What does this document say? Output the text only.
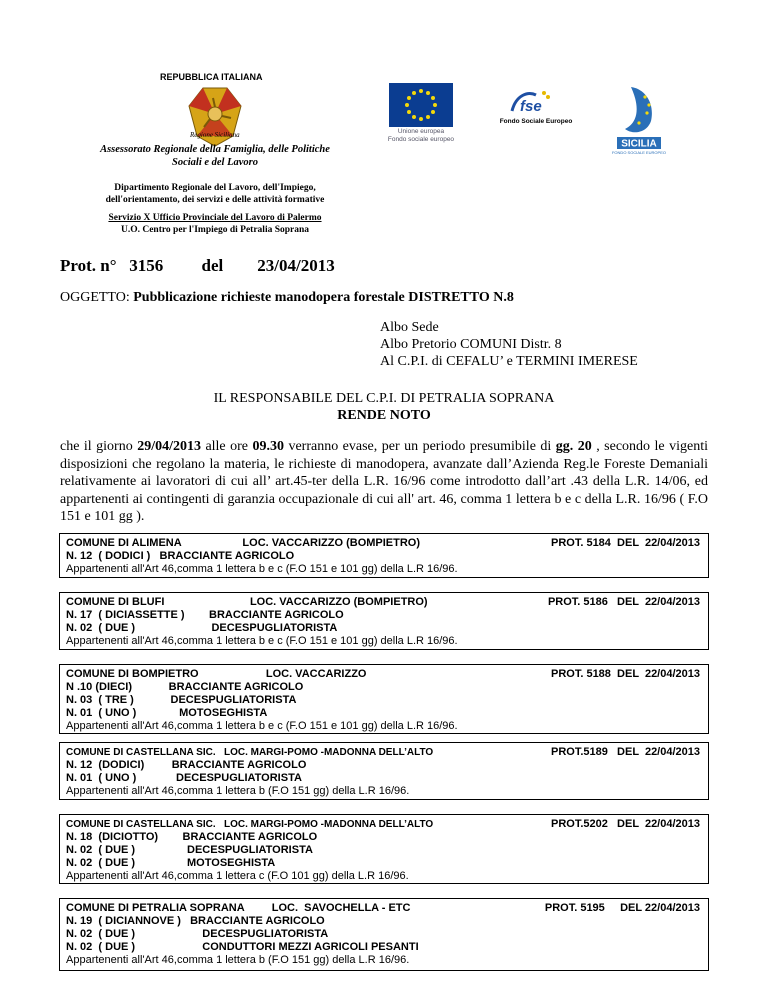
REPUBBLICA ITALIANA
Regione Siciliana
Assessorato Regionale della Famiglia, delle Politiche
Sociali e del Lavoro
Dipartimento Regionale del Lavoro, dell'Impiego,
dell'orientamento, dei servizi e delle attività formative
Servizio X Ufficio Provinciale del Lavoro di Palermo
U.O. Centro per l'Impiego di Petralia Soprana
Unione europea
Fondo sociale europeo
fse
Fondo Sociale Europeo
SICILIA
FONDO SOCIALE EUROPEO
Prot. n° 3156 del 23/04/2013
OGGETTO: Pubblicazione richieste manodopera forestale DISTRETTO N.8
Albo Sede
Albo Pretorio COMUNI Distr. 8
Al C.P.I. di CEFALU’ e TERMINI IMERESE
IL RESPONSABILE DEL C.P.I. DI PETRALIA SOPRANA
RENDE NOTO
che il giorno 29/04/2013 alle ore 09.30 verranno evase, per un periodo presumibile di gg. 20 , secondo le vigenti disposizioni che regolano la materia, le richieste di manodopera, avanzate dall’Azienda Reg.le Foreste Demaniali relativamente ai lavoratori di cui all’ art.45-ter della L.R. 16/96 come introdotto dall’art .43 della L.R. 14/06, ed appartenenti ai contingenti di garanzia occupazionale di cui all' art. 46, comma 1 lettera b e c della L.R. 16/96 ( F.O 151 e 101 gg ).
COMUNE DI ALIMENA                    LOC. VACCARIZZO (BOMPIETRO)
N. 12  ( DODICI )   BRACCIANTE AGRICOLO
Appartenenti all'Art 46,comma 1 lettera b e c (F.O 151 e 101 gg) della L.R 16/96.
PROT. 5184  DEL  22/04/2013
COMUNE DI BLUFI                            LOC. VACCARIZZO (BOMPIETRO)
N. 17  ( DICIASSETTE )        BRACCIANTE AGRICOLO
N. 02  ( DUE )                         DECESPUGLIATORISTA
Appartenenti all'Art 46,comma 1 lettera b e c (F.O 151 e 101 gg) della L.R 16/96.
PROT. 5186   DEL  22/04/2013
COMUNE DI BOMPIETRO                      LOC. VACCARIZZO
N .10 (DIECI)            BRACCIANTE AGRICOLO
N. 03  ( TRE )            DECESPUGLIATORISTA
N. 01  ( UNO )              MOTOSEGHISTA
Appartenenti all'Art 46,comma 1 lettera b e c (F.O 151 e 101 gg) della L.R 16/96.
PROT. 5188  DEL  22/04/2013
COMUNE DI CASTELLANA SIC.   LOC. MARGI-POMO -MADONNA DELL’ALTO
N. 12  (DODICI)         BRACCIANTE AGRICOLO
N. 01  ( UNO )             DECESPUGLIATORISTA
Appartenenti all'Art 46,comma 1 lettera b (F.O 151 gg) della L.R 16/96.
PROT.5189   DEL  22/04/2013
COMUNE DI CASTELLANA SIC.   LOC. MARGI-POMO -MADONNA DELL’ALTO
N. 18  (DICIOTTO)        BRACCIANTE AGRICOLO
N. 02  ( DUE )                 DECESPUGLIATORISTA
N. 02  ( DUE )                 MOTOSEGHISTA
Appartenenti all'Art 46,comma 1 lettera c (F.O 101 gg) della L.R 16/96.
PROT.5202   DEL  22/04/2013
COMUNE DI PETRALIA SOPRANA         LOC.  SAVOCHELLA - ETC
N. 19  ( DICIANNOVE )   BRACCIANTE AGRICOLO
N. 02  ( DUE )                      DECESPUGLIATORISTA
N. 02  ( DUE )                      CONDUTTORI MEZZI AGRICOLI PESANTI
Appartenenti all'Art 46,comma 1 lettera b (F.O 151 gg) della L.R 16/96.
PROT. 5195     DEL 22/04/2013
